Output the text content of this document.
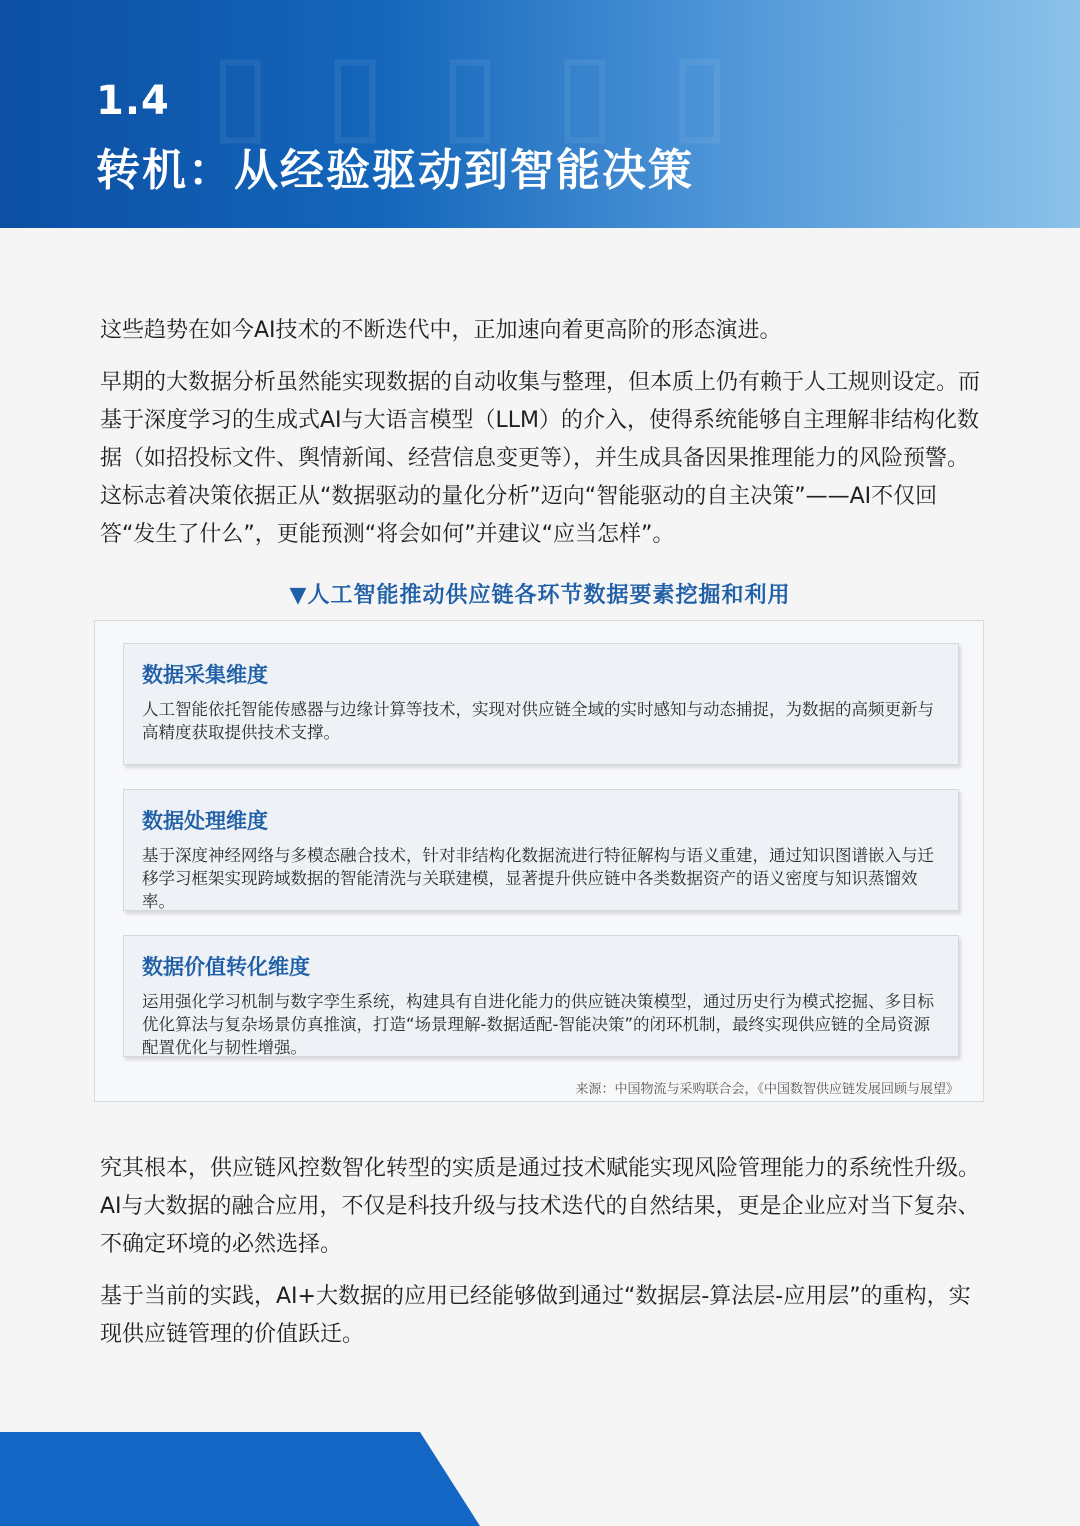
▯ ▯ ▯ ▯ ▯
1.4
转机：从经验驱动到智能决策

这些趋势在如今AI技术的不断迭代中，正加速向着更高阶的形态演进。

早期的大数据分析虽然能实现数据的自动收集与整理，但本质上仍有赖于人工规则设定。而基于深度学习的生成式AI与大语言模型（LLM）的介入，使得系统能够自主理解非结构化数据（如招投标文件、舆情新闻、经营信息变更等），并生成具备因果推理能力的风险预警。这标志着决策依据正从“数据驱动的量化分析”迈向“智能驱动的自主决策”——AI不仅回答“发生了什么”，更能预测“将会如何”并建议“应当怎样”。

▼人工智能推动供应链各环节数据要素挖掘和利用
数据采集维度

人工智能依托智能传感器与边缘计算等技术，实现对供应链全域的实时感知与动态捕捉，为数据的高频更新与高精度获取提供技术支撑。

数据处理维度

基于深度神经网络与多模态融合技术，针对非结构化数据流进行特征解构与语义重建，通过知识图谱嵌入与迁移学习框架实现跨域数据的智能清洗与关联建模，显著提升供应链中各类数据资产的语义密度与知识蒸馏效率。

数据价值转化维度

运用强化学习机制与数字孪生系统，构建具有自进化能力的供应链决策模型，通过历史行为模式挖掘、多目标优化算法与复杂场景仿真推演，打造“场景理解-数据适配-智能决策”的闭环机制，最终实现供应链的全局资源配置优化与韧性增强。

来源：中国物流与采购联合会，《中国数智供应链发展回顾与展望》

究其根本，供应链风控数智化转型的实质是通过技术赋能实现风险管理能力的系统性升级。AI与大数据的融合应用，不仅是科技升级与技术迭代的自然结果，更是企业应对当下复杂、不确定环境的必然选择。

基于当前的实践，AI+大数据的应用已经能够做到通过“数据层-算法层-应用层”的重构，实现供应链管理的价值跃迁。
